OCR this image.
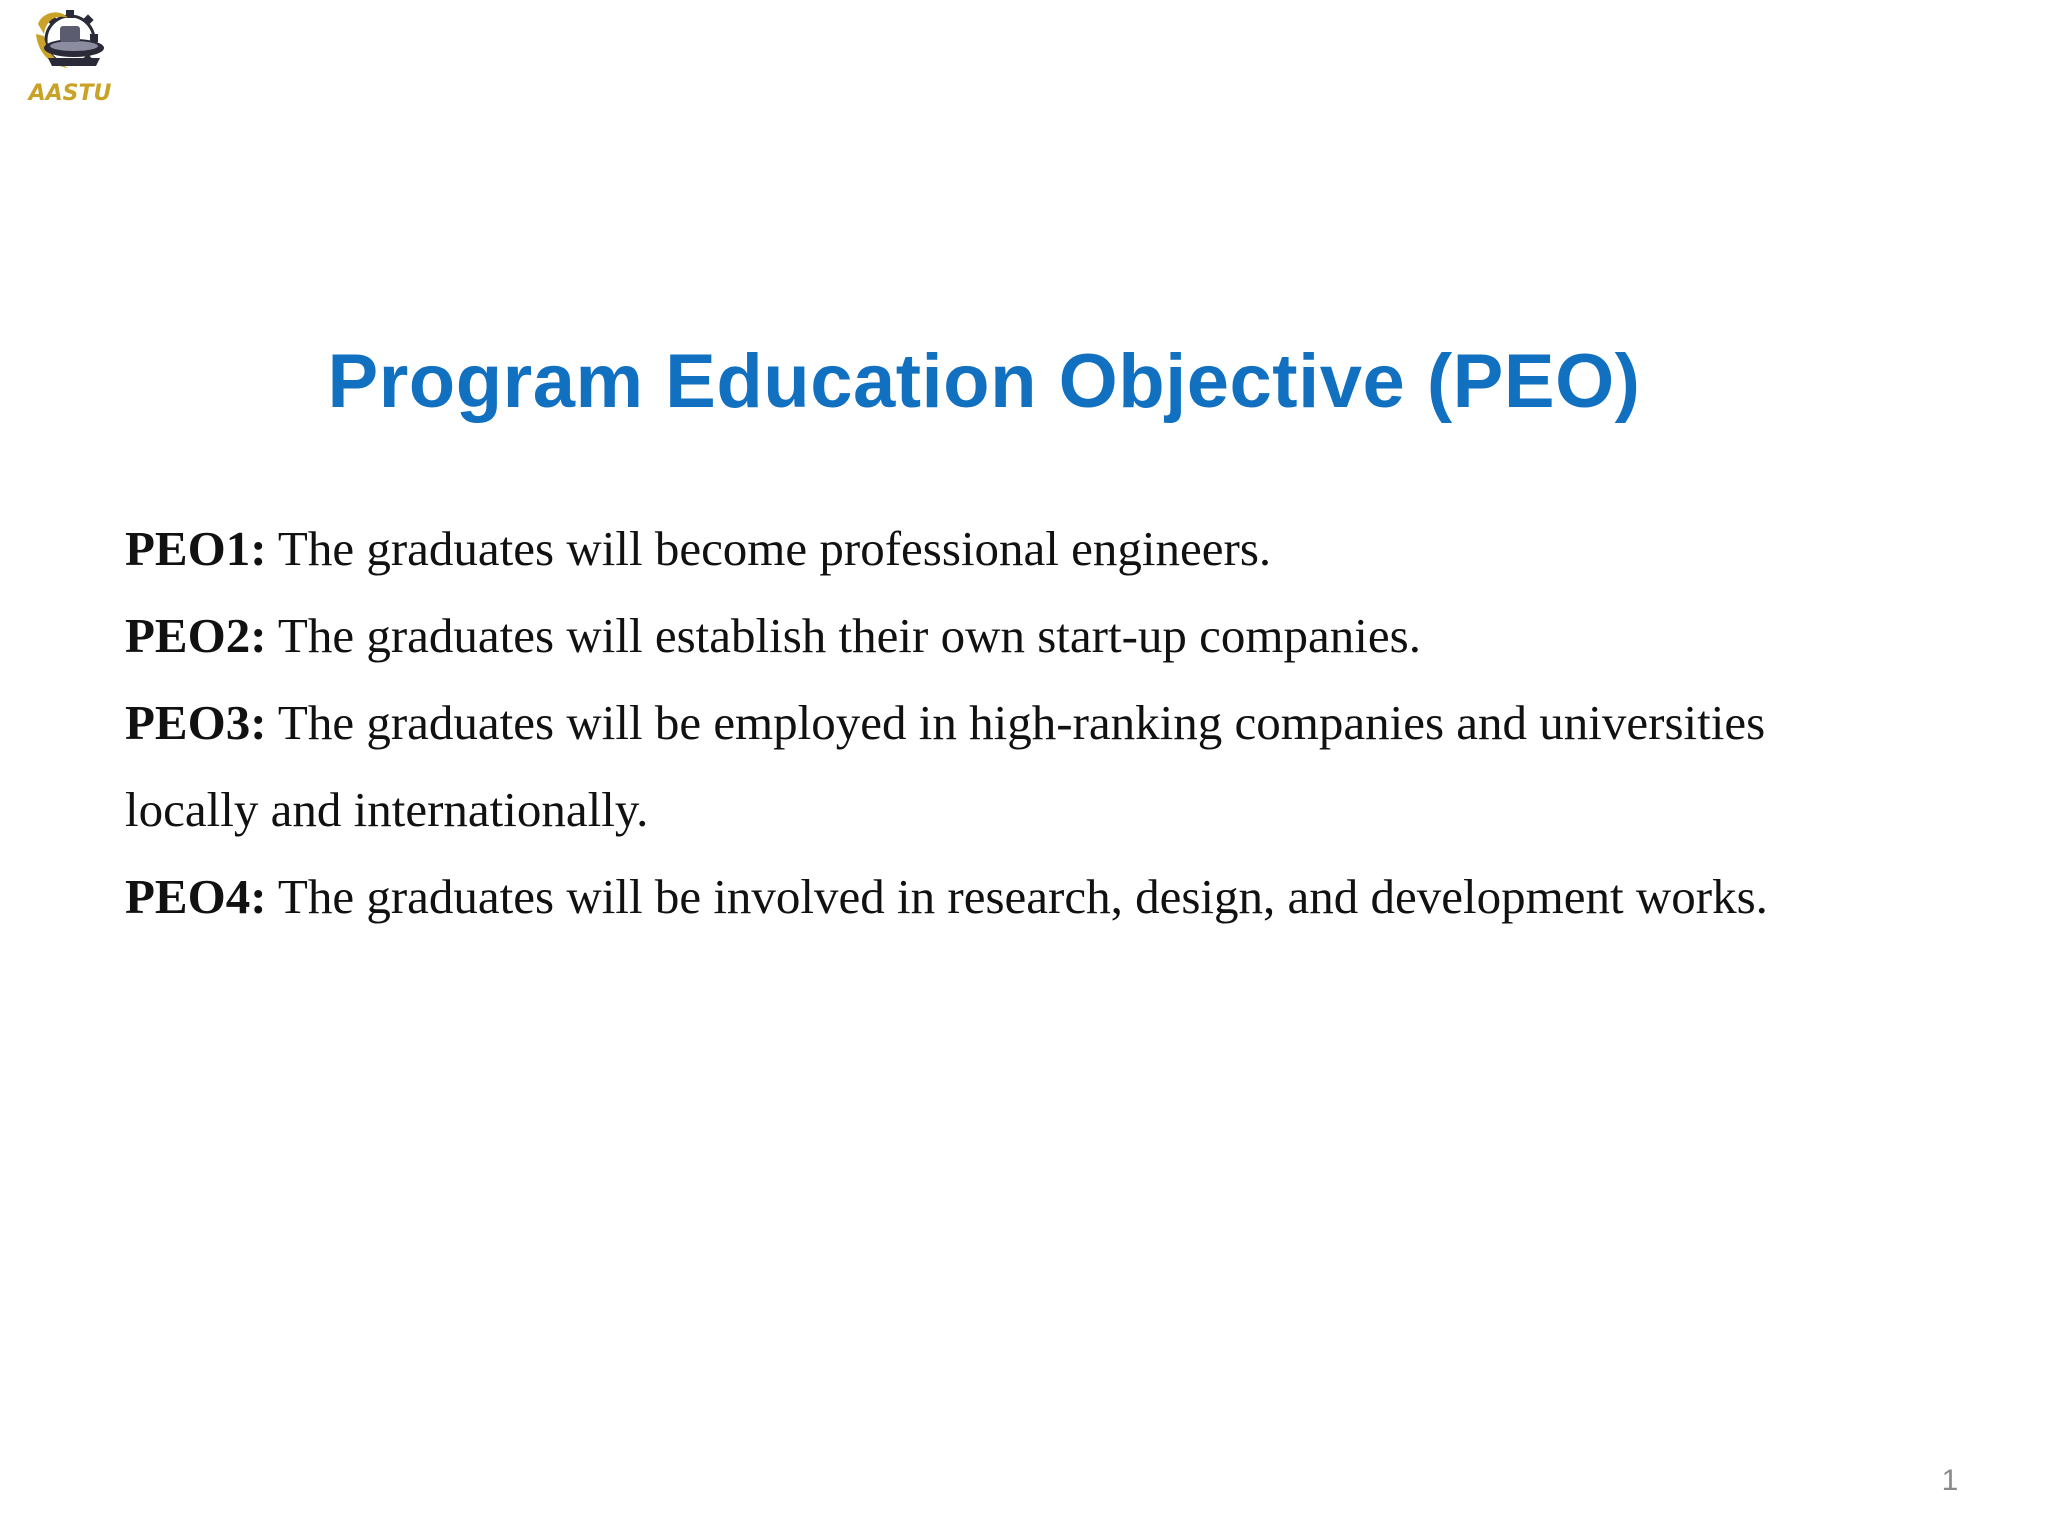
AASTU
Program Education Objective (PEO)
PEO1: The graduates will become professional engineers.
PEO2: The graduates will establish their own start-up companies.
PEO3: The graduates will be employed in high-ranking companies and universities
locally and internationally.
PEO4: The graduates will be involved in research, design, and development works.
1
